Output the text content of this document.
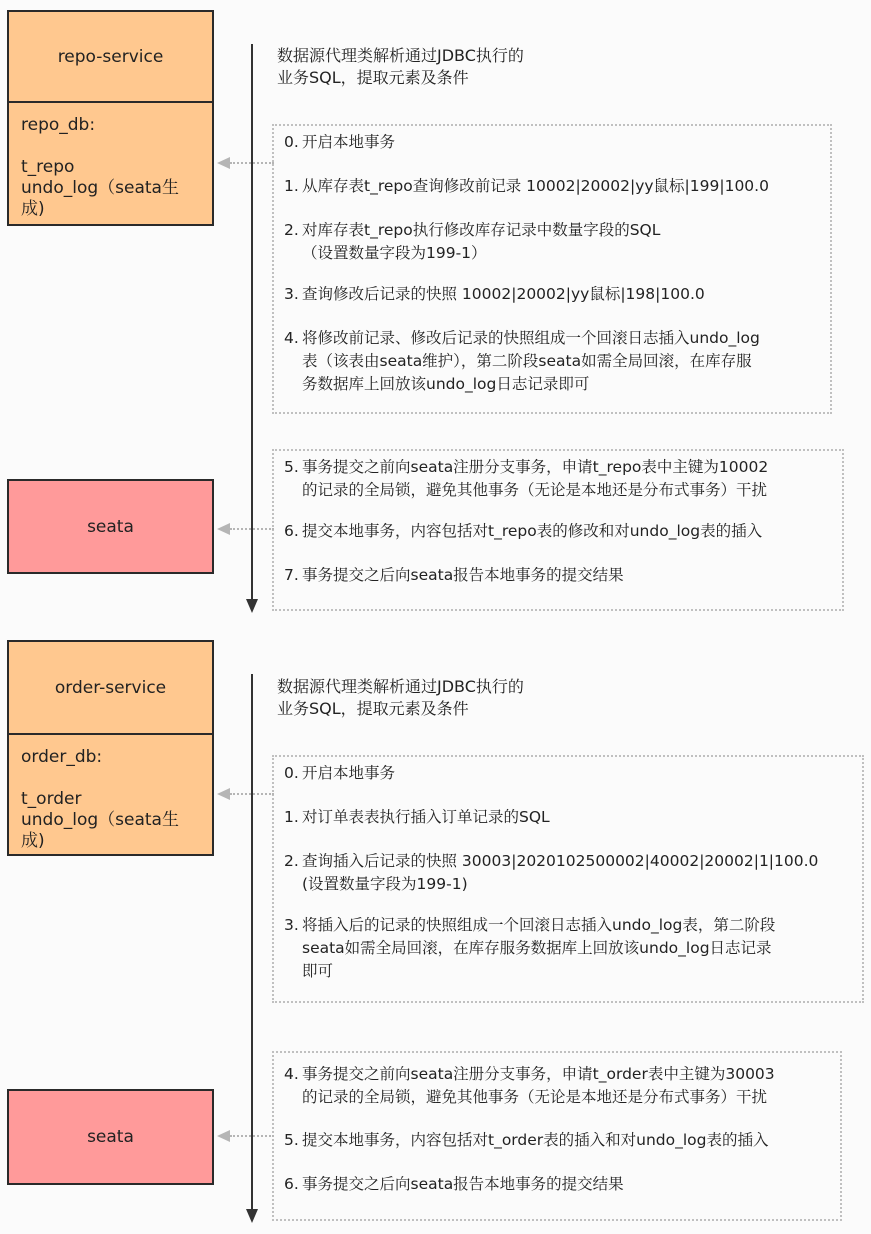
repo-service
repo_db:
t_repo
undo_log（seata生
成)
seata
数据源代理类解析通过JDBC执行的
业务SQL，提取元素及条件
0. 开启本地事务
1. 从库存表t_repo查询修改前记录 10002|20002|yy鼠标|199|100.0
2. 对库存表t_repo执行修改库存记录中数量字段的SQL
（设置数量字段为199-1）
3. 查询修改后记录的快照 10002|20002|yy鼠标|198|100.0
4. 将修改前记录、修改后记录的快照组成一个回滚日志插入undo_log
表（该表由seata维护），第二阶段seata如需全局回滚，在库存服
务数据库上回放该undo_log日志记录即可
5. 事务提交之前向seata注册分支事务，申请t_repo表中主键为10002
的记录的全局锁，避免其他事务（无论是本地还是分布式事务）干扰
6. 提交本地事务，内容包括对t_repo表的修改和对undo_log表的插入
7. 事务提交之后向seata报告本地事务的提交结果
order-service
order_db:
t_order
undo_log（seata生
成)
seata
数据源代理类解析通过JDBC执行的
业务SQL，提取元素及条件
0. 开启本地事务
1. 对订单表表执行插入订单记录的SQL
2. 查询插入后记录的快照 30003|2020102500002|40002|20002|1|100.0
(设置数量字段为199-1)
3. 将插入后的记录的快照组成一个回滚日志插入undo_log表，第二阶段
seata如需全局回滚，在库存服务数据库上回放该undo_log日志记录
即可
4. 事务提交之前向seata注册分支事务，申请t_order表中主键为30003
的记录的全局锁，避免其他事务（无论是本地还是分布式事务）干扰
5. 提交本地事务，内容包括对t_order表的插入和对undo_log表的插入
6. 事务提交之后向seata报告本地事务的提交结果
